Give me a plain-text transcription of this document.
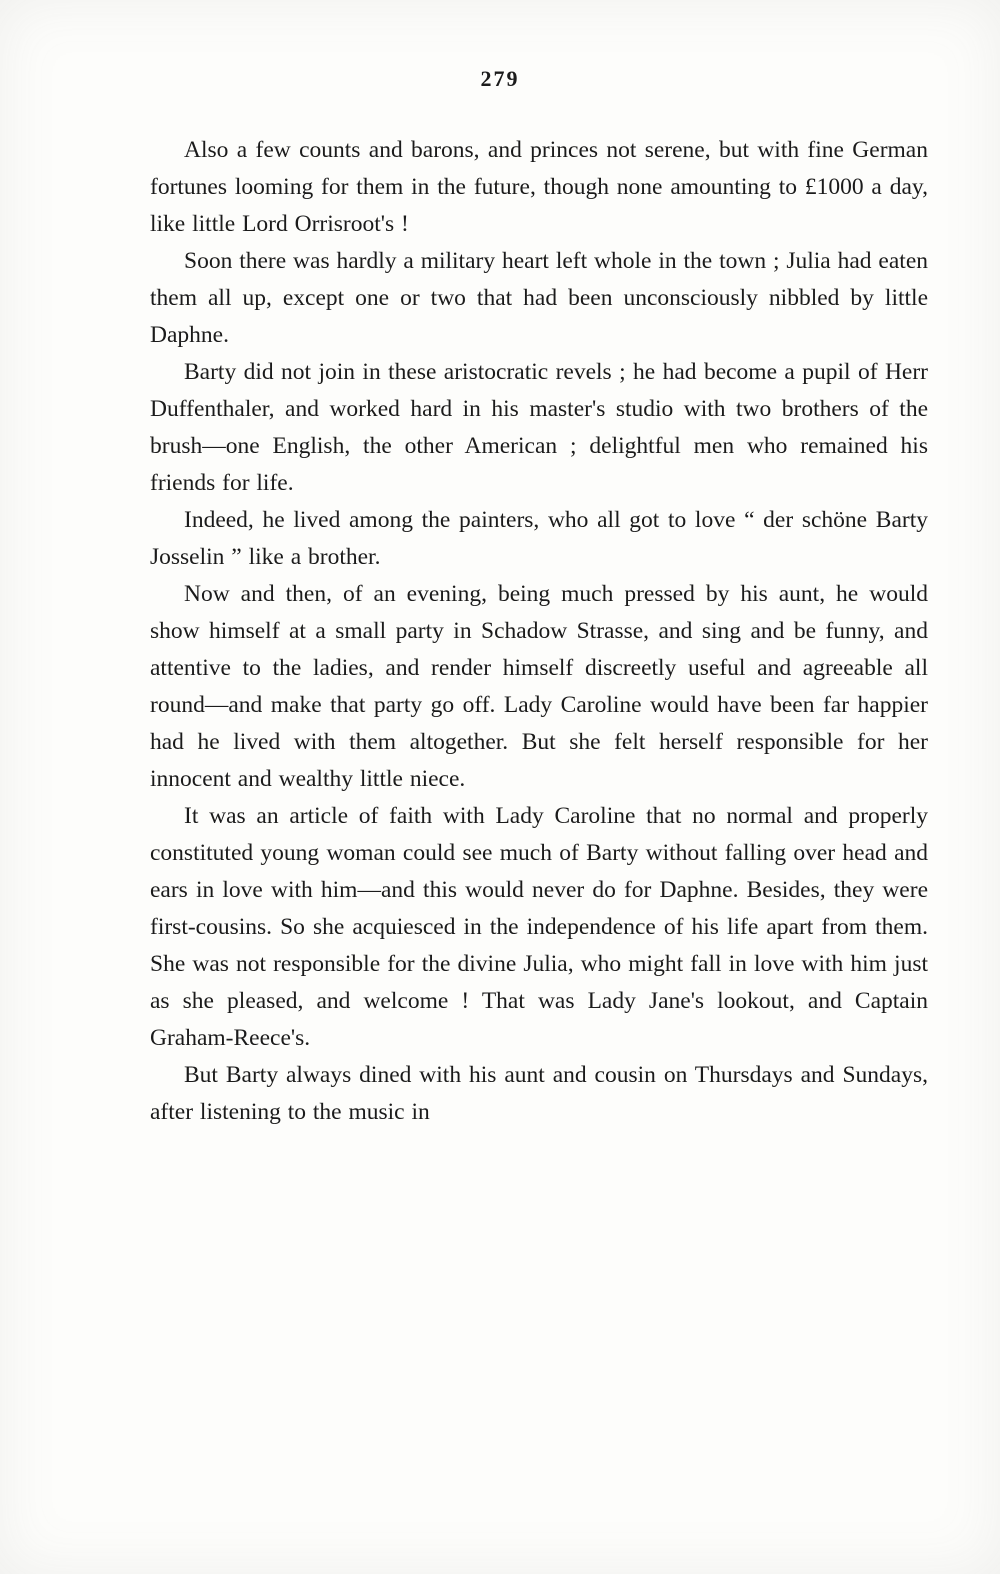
279

Also a few counts and barons, and princes not serene, but with fine German fortunes looming for them in the future, though none amounting to £1000 a day, like little Lord Orrisroot's !

Soon there was hardly a military heart left whole in the town ; Julia had eaten them all up, except one or two that had been unconsciously nibbled by little Daphne.

Barty did not join in these aristocratic revels ; he had become a pupil of Herr Duffenthaler, and worked hard in his master's studio with two brothers of the brush—one English, the other American ; delightful men who remained his friends for life.

Indeed, he lived among the painters, who all got to love “ der schöne Barty Josselin ” like a brother.

Now and then, of an evening, being much pressed by his aunt, he would show himself at a small party in Schadow Strasse, and sing and be funny, and attentive to the ladies, and render himself discreetly useful and agreeable all round—and make that party go off. Lady Caroline would have been far happier had he lived with them altogether. But she felt herself responsible for her innocent and wealthy little niece.

It was an article of faith with Lady Caroline that no normal and properly constituted young woman could see much of Barty without falling over head and ears in love with him—and this would never do for Daphne. Besides, they were first-cousins. So she acquiesced in the independence of his life apart from them. She was not responsible for the divine Julia, who might fall in love with him just as she pleased, and welcome ! That was Lady Jane's lookout, and Captain Graham-Reece's.

But Barty always dined with his aunt and cousin on Thursdays and Sundays, after listening to the music in
